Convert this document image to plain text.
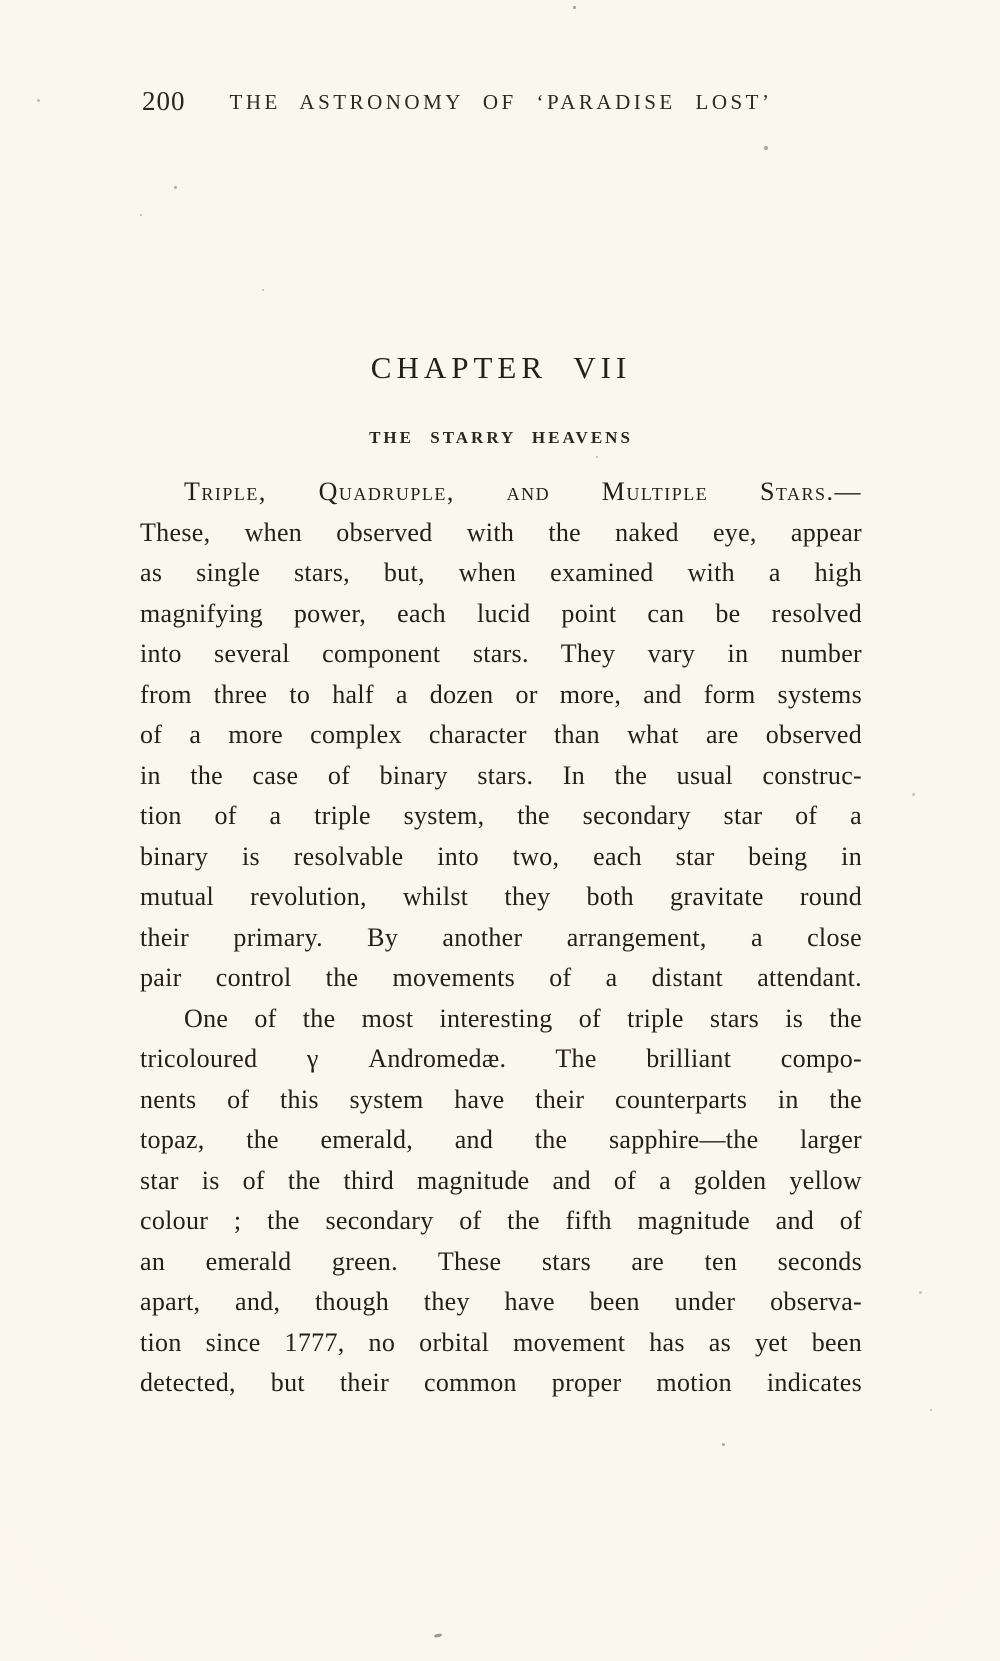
200	THE ASTRONOMY OF ‘PARADISE LOST’
CHAPTER VII
THE STARRY HEAVENS
Triple, Quadruple, and Multiple Stars.—
These, when observed with the naked eye, appear
as single stars, but, when examined with a high
magnifying power, each lucid point can be resolved
into several component stars. They vary in number
from three to half a dozen or more, and form systems
of a more complex character than what are observed
in the case of binary stars. In the usual construc-
tion of a triple system, the secondary star of a
binary is resolvable into two, each star being in
mutual revolution, whilst they both gravitate round
their primary. By another arrangement, a close
pair control the movements of a distant attendant.
One of the most interesting of triple stars is the
tricoloured γ Andromedæ. The brilliant compo-
nents of this system have their counterparts in the
topaz, the emerald, and the sapphire—the larger
star is of the third magnitude and of a golden yellow
colour ; the secondary of the fifth magnitude and of
an emerald green. These stars are ten seconds
apart, and, though they have been under observa-
tion since 1777, no orbital movement has as yet been
detected, but their common proper motion indicates
